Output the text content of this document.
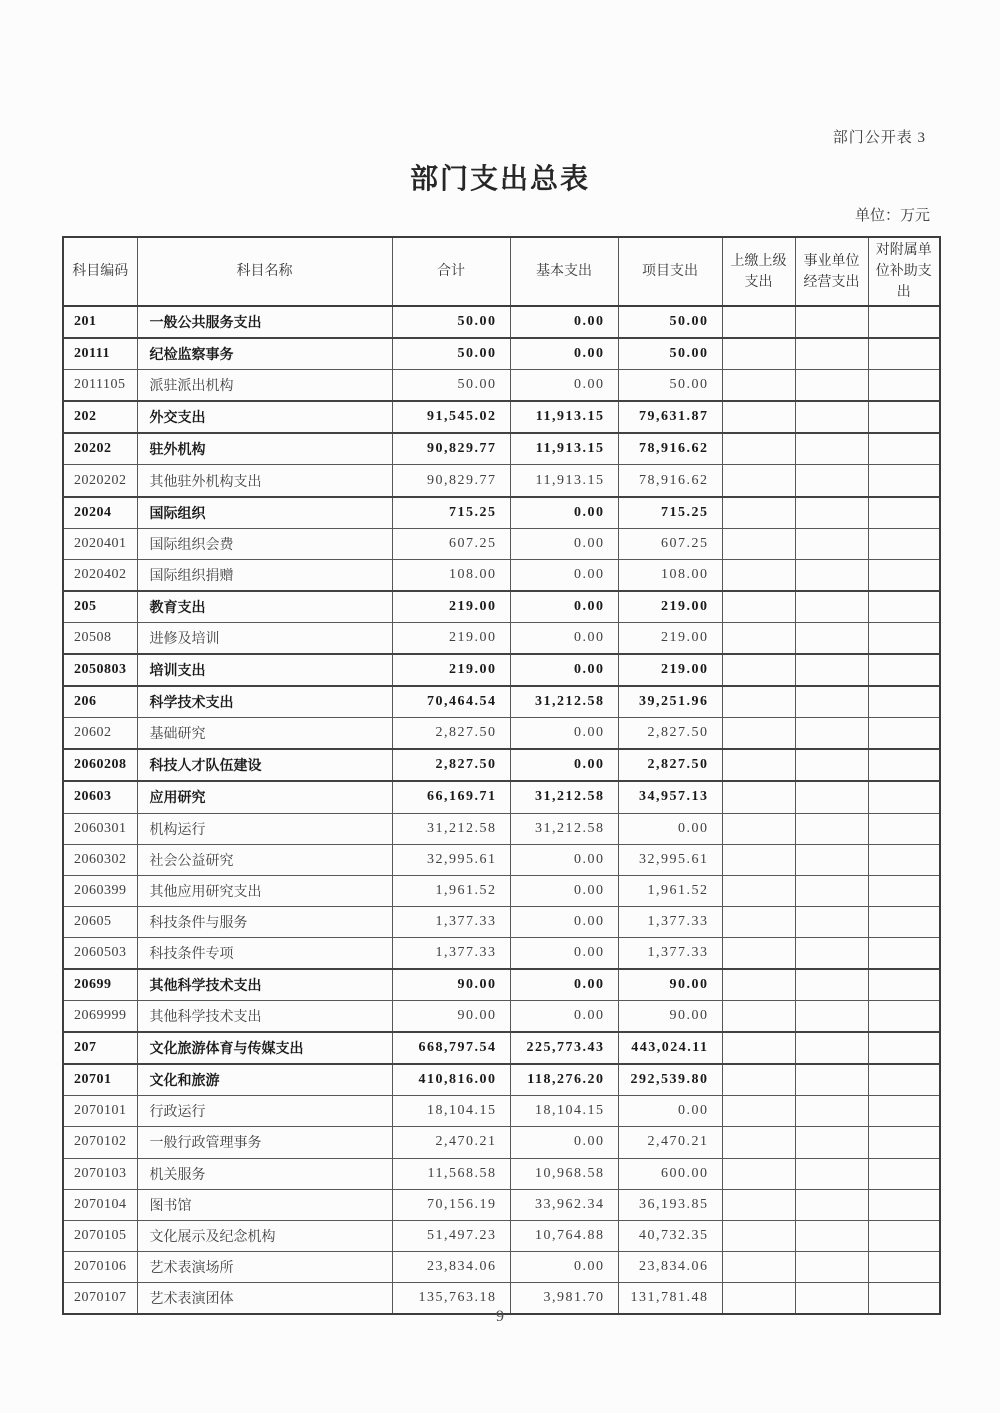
部门公开表 3
部门支出总表
单位：万元
科目编码	科目名称	合计	基本支出	项目支出	上缴上级支出	事业单位经营支出	对附属单位补助支出
201	一般公共服务支出	50.00	0.00	50.00			
20111	纪检监察事务	50.00	0.00	50.00			
2011105	派驻派出机构	50.00	0.00	50.00			
202	外交支出	91,545.02	11,913.15	79,631.87			
20202	驻外机构	90,829.77	11,913.15	78,916.62			
2020202	其他驻外机构支出	90,829.77	11,913.15	78,916.62			
20204	国际组织	715.25	0.00	715.25			
2020401	国际组织会费	607.25	0.00	607.25			
2020402	国际组织捐赠	108.00	0.00	108.00			
205	教育支出	219.00	0.00	219.00			
20508	进修及培训	219.00	0.00	219.00			
2050803	培训支出	219.00	0.00	219.00			
206	科学技术支出	70,464.54	31,212.58	39,251.96			
20602	基础研究	2,827.50	0.00	2,827.50			
2060208	科技人才队伍建设	2,827.50	0.00	2,827.50			
20603	应用研究	66,169.71	31,212.58	34,957.13			
2060301	机构运行	31,212.58	31,212.58	0.00			
2060302	社会公益研究	32,995.61	0.00	32,995.61			
2060399	其他应用研究支出	1,961.52	0.00	1,961.52			
20605	科技条件与服务	1,377.33	0.00	1,377.33			
2060503	科技条件专项	1,377.33	0.00	1,377.33			
20699	其他科学技术支出	90.00	0.00	90.00			
2069999	其他科学技术支出	90.00	0.00	90.00			
207	文化旅游体育与传媒支出	668,797.54	225,773.43	443,024.11			
20701	文化和旅游	410,816.00	118,276.20	292,539.80			
2070101	行政运行	18,104.15	18,104.15	0.00			
2070102	一般行政管理事务	2,470.21	0.00	2,470.21			
2070103	机关服务	11,568.58	10,968.58	600.00			
2070104	图书馆	70,156.19	33,962.34	36,193.85			
2070105	文化展示及纪念机构	51,497.23	10,764.88	40,732.35			
2070106	艺术表演场所	23,834.06	0.00	23,834.06			
2070107	艺术表演团体	135,763.18	3,981.70	131,781.48			
9
